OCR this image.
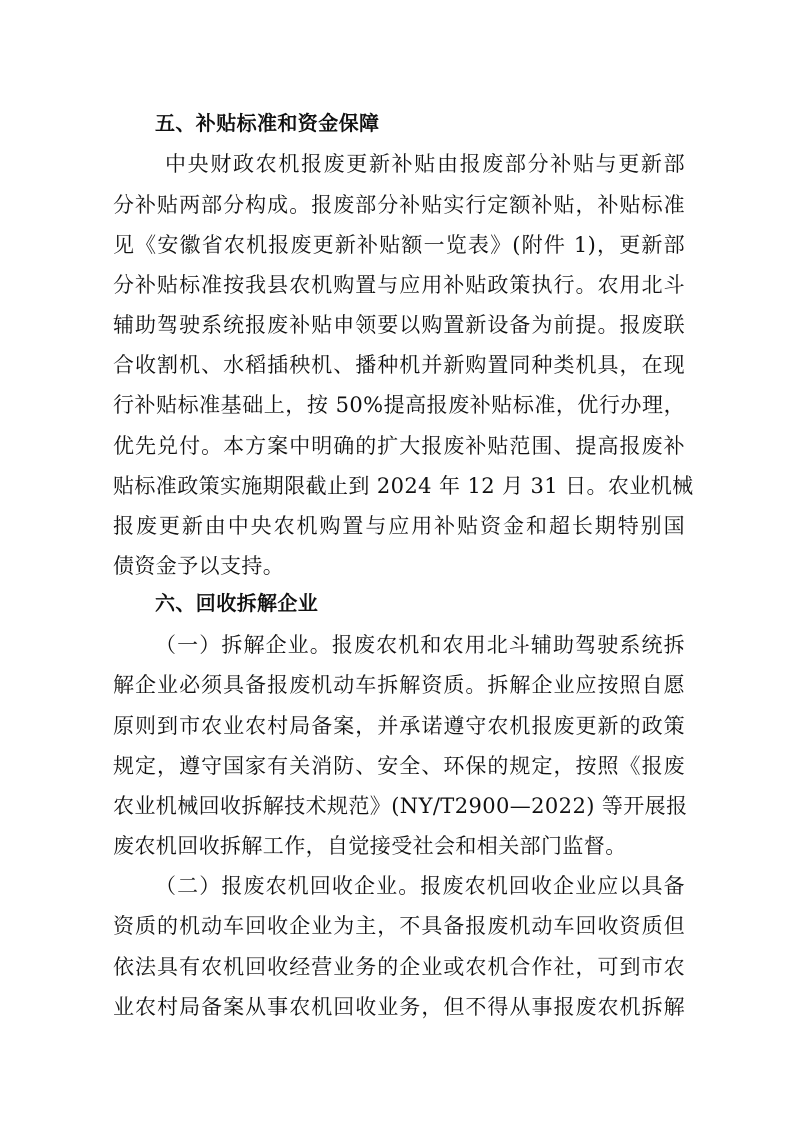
五、补贴标准和资金保障
中央财政农机报废更新补贴由报废部分补贴与更新部
分补贴两部分构成。报废部分补贴实行定额补贴，补贴标准
见《安徽省农机报废更新补贴额一览表》(附件 1)，更新部
分补贴标准按我县农机购置与应用补贴政策执行。农用北斗
辅助驾驶系统报废补贴申领要以购置新设备为前提。报废联
合收割机、水稻插秧机、播种机并新购置同种类机具，在现
行补贴标准基础上，按 50%提高报废补贴标准，优行办理，
优先兑付。本方案中明确的扩大报废补贴范围、提高报废补
贴标准政策实施期限截止到 2024 年 12 月 31 日。农业机械
报废更新由中央农机购置与应用补贴资金和超长期特别国
债资金予以支持。
六、回收拆解企业
（一）拆解企业。报废农机和农用北斗辅助驾驶系统拆
解企业必须具备报废机动车拆解资质。拆解企业应按照自愿
原则到市农业农村局备案，并承诺遵守农机报废更新的政策
规定，遵守国家有关消防、安全、环保的规定，按照《报废
农业机械回收拆解技术规范》(NY/T2900—2022) 等开展报
废农机回收拆解工作，自觉接受社会和相关部门监督。
（二）报废农机回收企业。报废农机回收企业应以具备
资质的机动车回收企业为主，不具备报废机动车回收资质但
依法具有农机回收经营业务的企业或农机合作社，可到市农
业农村局备案从事农机回收业务，但不得从事报废农机拆解
